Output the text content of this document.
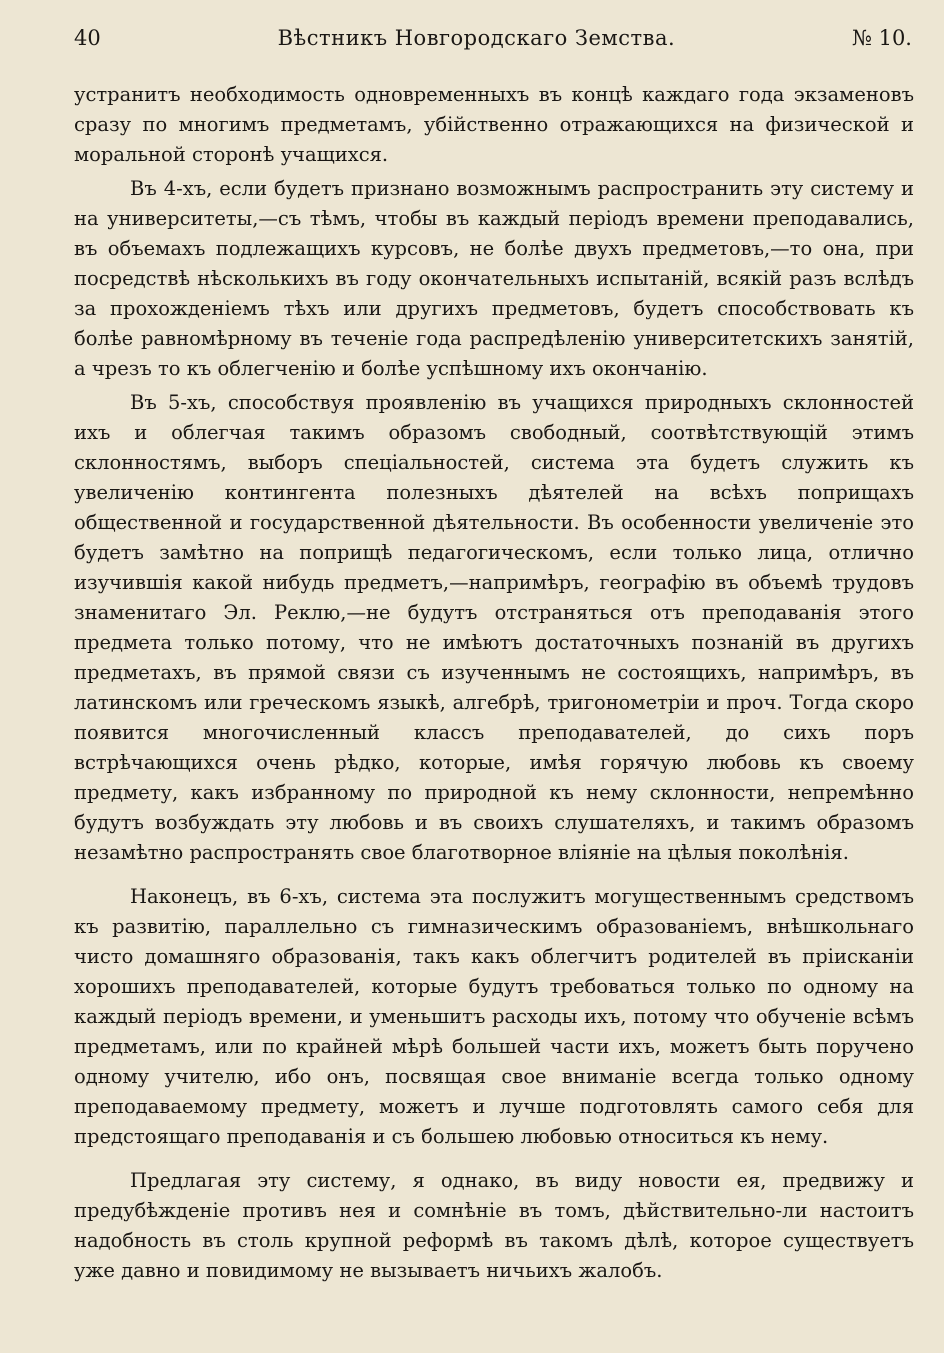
40	Вѣстникъ Новгородскаго Земства.	№ 10.

устранитъ необходимость одновременныхъ въ концѣ каждаго года экзаменовъ сразу по многимъ предметамъ, убійственно отражающихся на физической и моральной сторонѣ учащихся.

Въ 4-хъ, если будетъ признано возможнымъ распространить эту систему и на университеты,—съ тѣмъ, чтобы въ каждый періодъ времени преподавались, въ объемахъ подлежащихъ курсовъ, не болѣе двухъ предметовъ,—то она, при посредствѣ нѣсколькихъ въ году окончательныхъ испытаній, всякій разъ вслѣдъ за прохожденіемъ тѣхъ или другихъ предметовъ, будетъ способствовать къ болѣе равномѣрному въ теченіе года распредѣленію университетскихъ занятій, а чрезъ то къ облегченію и болѣе успѣшному ихъ окончанію.

Въ 5-хъ, способствуя проявленію въ учащихся природныхъ склонностей ихъ и облегчая такимъ образомъ свободный, соотвѣтствующій этимъ склонностямъ, выборъ спеціальностей, система эта будетъ служить къ увеличенію контингента полезныхъ дѣятелей на всѣхъ поприщахъ общественной и государственной дѣятельности. Въ особенности увеличеніе это будетъ замѣтно на поприщѣ педагогическомъ, если только лица, отлично изучившія какой нибудь предметъ,—напримѣръ, географію въ объемѣ трудовъ знаменитаго Эл. Реклю,—не будутъ отстраняться отъ преподаванія этого предмета только потому, что не имѣютъ достаточныхъ познаній въ другихъ предметахъ, въ прямой связи съ изученнымъ не состоящихъ, напримѣръ, въ латинскомъ или греческомъ языкѣ, алгебрѣ, тригонометріи и проч. Тогда скоро появится многочисленный классъ преподавателей, до сихъ поръ встрѣчающихся очень рѣдко, которые, имѣя горячую любовь къ своему предмету, какъ избранному по природной къ нему склонности, непремѣнно будутъ возбуждать эту любовь и въ своихъ слушателяхъ, и такимъ образомъ незамѣтно распространять свое благотворное вліяніе на цѣлыя поколѣнія.

Наконецъ, въ 6-хъ, система эта послужитъ могущественнымъ средствомъ къ развитію, параллельно съ гимназическимъ образованіемъ, внѣшкольнаго чисто домашняго образованія, такъ какъ облегчитъ родителей въ пріисканіи хорошихъ преподавателей, которые будутъ требоваться только по одному на каждый періодъ времени, и уменьшитъ расходы ихъ, потому что обученіе всѣмъ предметамъ, или по крайней мѣрѣ большей части ихъ, можетъ быть поручено одному учителю, ибо онъ, посвящая свое вниманіе всегда только одному преподаваемому предмету, можетъ и лучше подготовлять самого себя для предстоящаго преподаванія и съ большею любовью относиться къ нему.

Предлагая эту систему, я однако, въ виду новости ея, предвижу и предубѣжденіе противъ нея и сомнѣніе въ томъ, дѣйствительно-ли настоитъ надобность въ столь крупной реформѣ въ такомъ дѣлѣ, которое существуетъ уже давно и повидимому не вызываетъ ничьихъ жалобъ.
